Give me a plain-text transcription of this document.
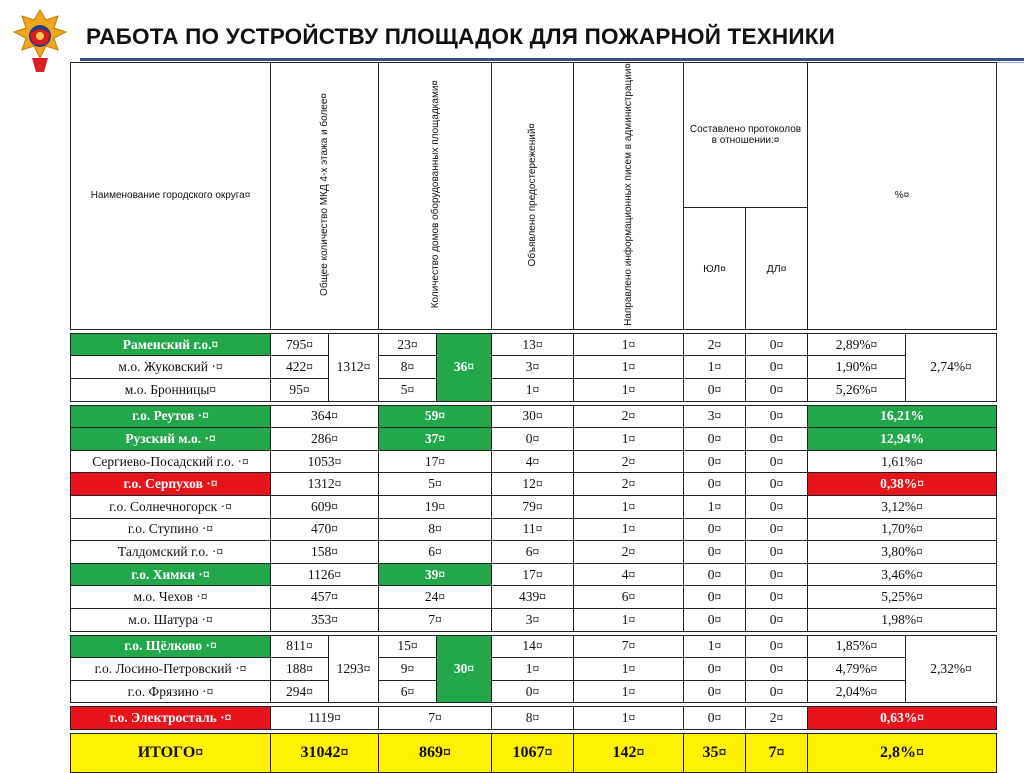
РАБОТА ПО УСТРОЙСТВУ ПЛОЩАДОК ДЛЯ ПОЖАРНОЙ ТЕХНИКИ
Наименование городского округа¤	Общее количество МКД 4-х этажа и более¤		Количество домов оборудованных площадками¤		Объявлено предостережений¤	Направлено информационных писем в администрации¤	Составлено протоколов в отношении:¤		%¤	
							ЮЛ¤	ДЛ¤		

Раменский г.о.¤	795¤	1312¤	23¤	36¤	13¤	1¤	2¤	0¤	2,89%¤	2,74%¤
м.о. Жуковский ·¤	422¤		8¤		3¤	1¤	1¤	0¤	1,90%¤	
м.о. Бронницы¤	95¤		5¤		1¤	1¤	0¤	0¤	5,26%¤	

г.о. Реутов ·¤	364¤		59¤		30¤	2¤	3¤	0¤	16,21%	
Рузский м.о. ·¤	286¤		37¤		0¤	1¤	0¤	0¤	12,94%	
Сергиево-Посадский г.о. ·¤	1053¤		17¤		4¤	2¤	0¤	0¤	1,61%¤	
г.о. Серпухов ·¤	1312¤		5¤		12¤	2¤	0¤	0¤	0,38%¤	
г.о. Солнечногорск ·¤	609¤		19¤		79¤	1¤	1¤	0¤	3,12%¤	
г.о. Ступино ·¤	470¤		8¤		11¤	1¤	0¤	0¤	1,70%¤	
Талдомский г.о. ·¤	158¤		6¤		6¤	2¤	0¤	0¤	3,80%¤	
г.о. Химки ·¤	1126¤		39¤		17¤	4¤	0¤	0¤	3,46%¤	
м.о. Чехов ·¤	457¤		24¤		439¤	6¤	0¤	0¤	5,25%¤	
м.о. Шатура ·¤	353¤		7¤		3¤	1¤	0¤	0¤	1,98%¤	

г.о. Щёлково ·¤	811¤	1293¤	15¤	30¤	14¤	7¤	1¤	0¤	1,85%¤	2,32%¤
г.о. Лосино-Петровский ·¤	188¤		9¤		1¤	1¤	0¤	0¤	4,79%¤	
г.о. Фрязино ·¤	294¤		6¤		0¤	1¤	0¤	0¤	2,04%¤	

г.о. Электросталь ·¤	1119¤		7¤		8¤	1¤	0¤	2¤	0,63%¤	

ИТОГО¤	31042¤		869¤		1067¤	142¤	35¤	7¤	2,8%¤	
